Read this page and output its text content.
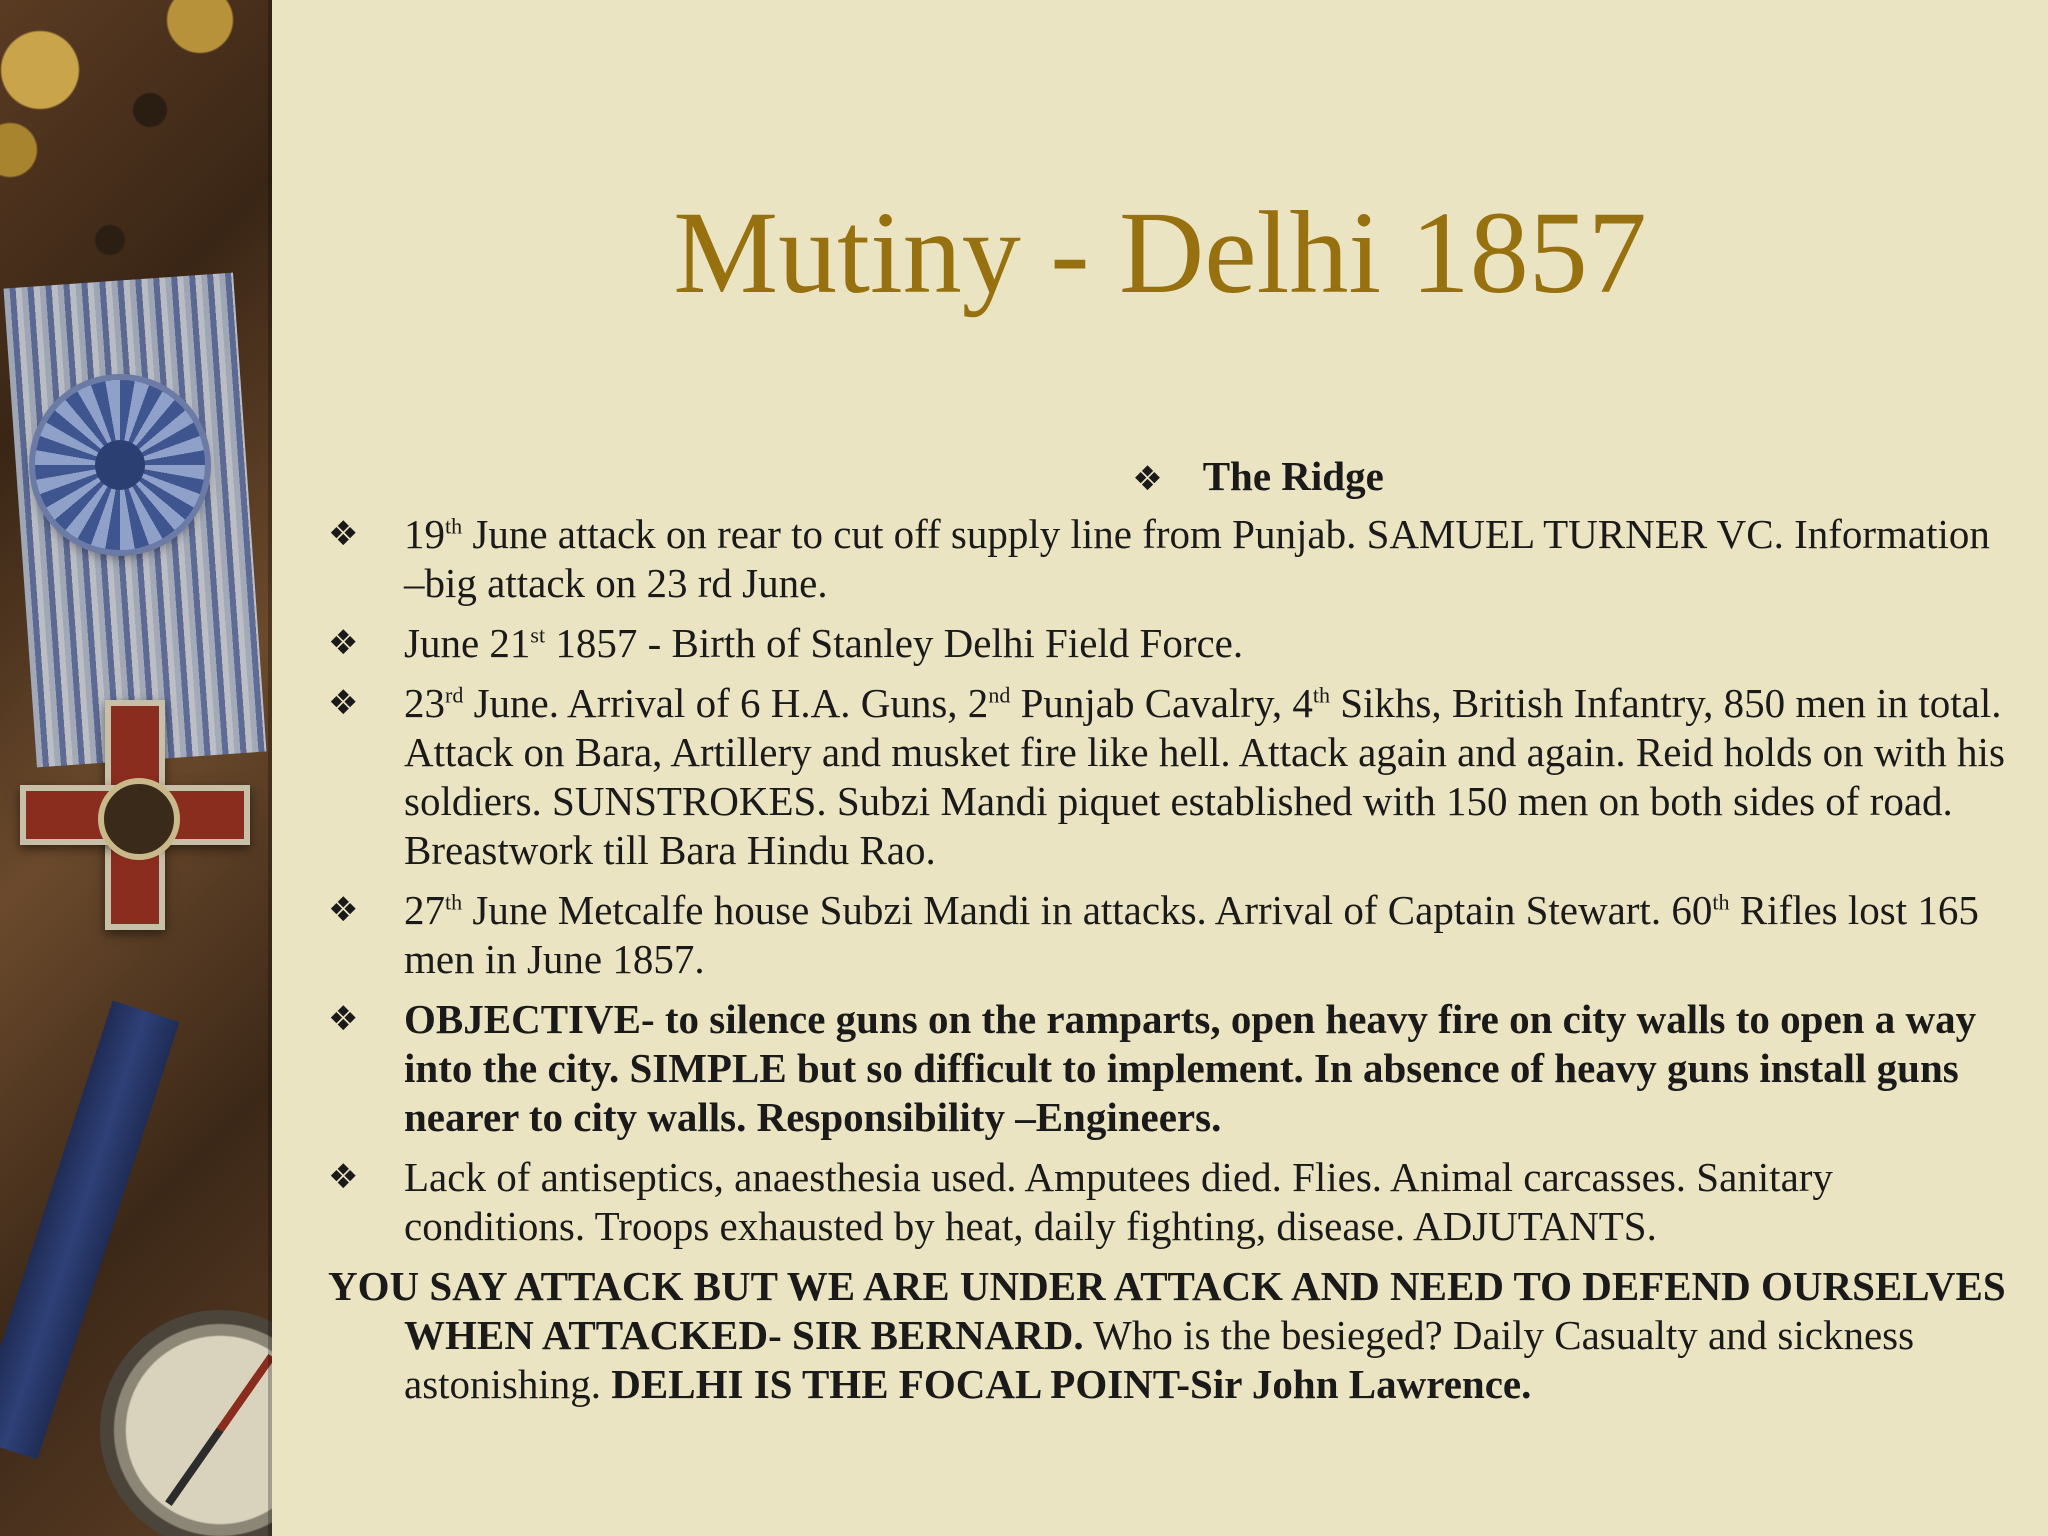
Mutiny - Delhi 1857
❖ The Ridge
❖ 19th June attack on rear to cut off supply line from Punjab. SAMUEL TURNER VC. Information –big attack on 23 rd June.
❖ June 21st 1857 - Birth of Stanley Delhi Field Force.
❖ 23rd June. Arrival of 6 H.A. Guns, 2nd Punjab Cavalry, 4th Sikhs, British Infantry, 850 men in total. Attack on Bara, Artillery and musket fire like hell. Attack again and again. Reid holds on with his soldiers. SUNSTROKES. Subzi Mandi piquet established with 150 men on both sides of road. Breastwork till Bara Hindu Rao.
❖ 27th June Metcalfe house Subzi Mandi in attacks. Arrival of Captain Stewart. 60th Rifles lost 165 men in June 1857.
❖ OBJECTIVE- to silence guns on the ramparts, open heavy fire on city walls to open a way into the city. SIMPLE but so difficult to implement. In absence of heavy guns install guns nearer to city walls. Responsibility –Engineers.
❖ Lack of antiseptics, anaesthesia used. Amputees died. Flies. Animal carcasses. Sanitary conditions. Troops exhausted by heat, daily fighting, disease. ADJUTANTS.
YOU SAY ATTACK BUT WE ARE UNDER ATTACK AND NEED TO DEFEND OURSELVES WHEN ATTACKED- SIR BERNARD. Who is the besieged? Daily Casualty and sickness astonishing. DELHI IS THE FOCAL POINT-Sir John Lawrence.
